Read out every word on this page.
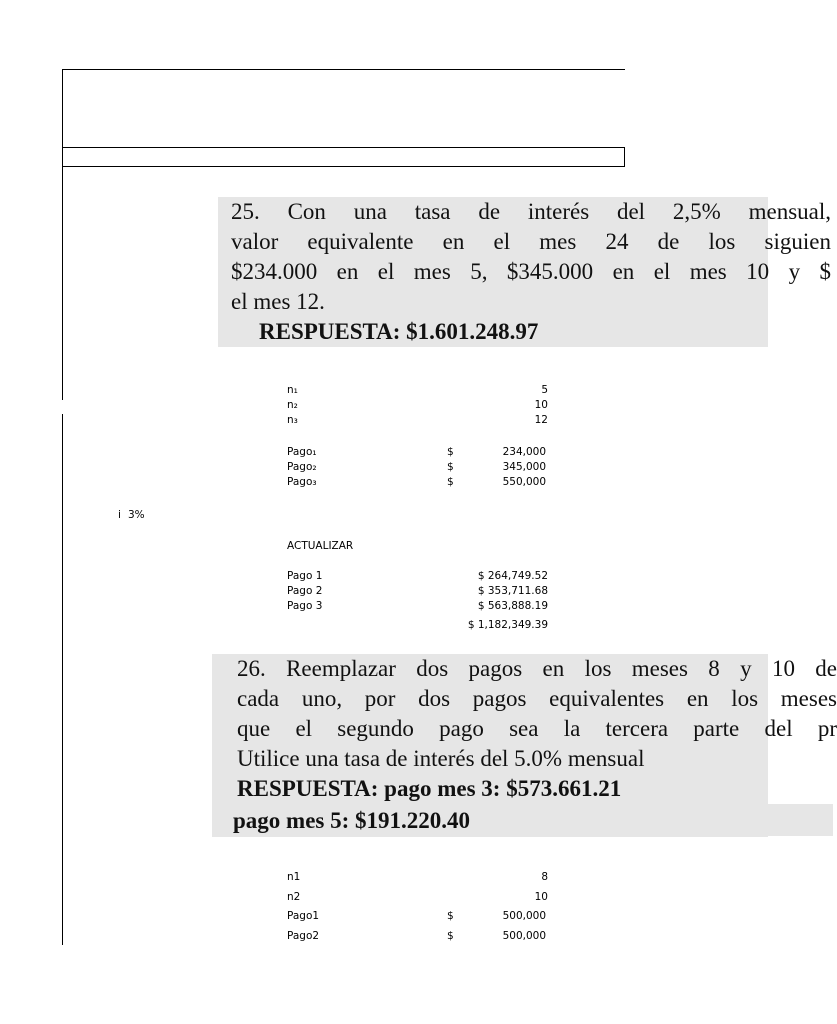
25. Con una tasa de interés del 2,5% mensual,
valor equivalente en el mes 24 de los siguien
$234.000 en el mes 5, $345.000 en el mes 10 y $
el mes 12.
RESPUESTA: $1.601.248.97
n₁	5
n₂	10
n₃	12
Pago₁	$	234,000
Pago₂	$	345,000
Pago₃	$	550,000
i 3%
ACTUALIZAR
Pago 1	$ 264,749.52
Pago 2	$ 353,711.68
Pago 3	$ 563,888.19
$ 1,182,349.39
26. Reemplazar dos pagos en los meses 8 y 10 de
cada uno, por dos pagos equivalentes en los meses
que el segundo pago sea la tercera parte del pr
Utilice una tasa de interés del 5.0% mensual
RESPUESTA: pago mes 3: $573.661.21
pago mes 5: $191.220.40
n1	8
n2	10
Pago1	$	500,000
Pago2	$	500,000
